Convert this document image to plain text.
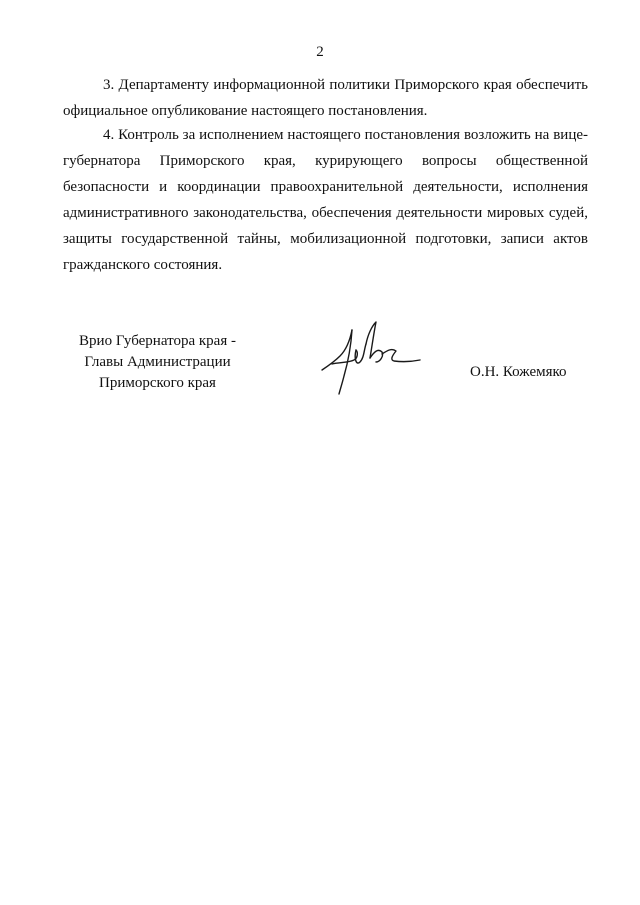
2

3. Департаменту информационной политики Приморского края обеспечить официальное опубликование настоящего постановления.

4. Контроль за исполнением настоящего постановления возложить на вице-губернатора Приморского края, курирующего вопросы общественной безопасности и координации правоохранительной деятельности, исполнения административного законодательства, обеспечения деятельности мировых судей, защиты государственной тайны, мобилизационной подготовки, записи актов гражданского состояния.

Врио Губернатора края -
Главы Администрации
Приморского края
О.Н. Кожемяко
